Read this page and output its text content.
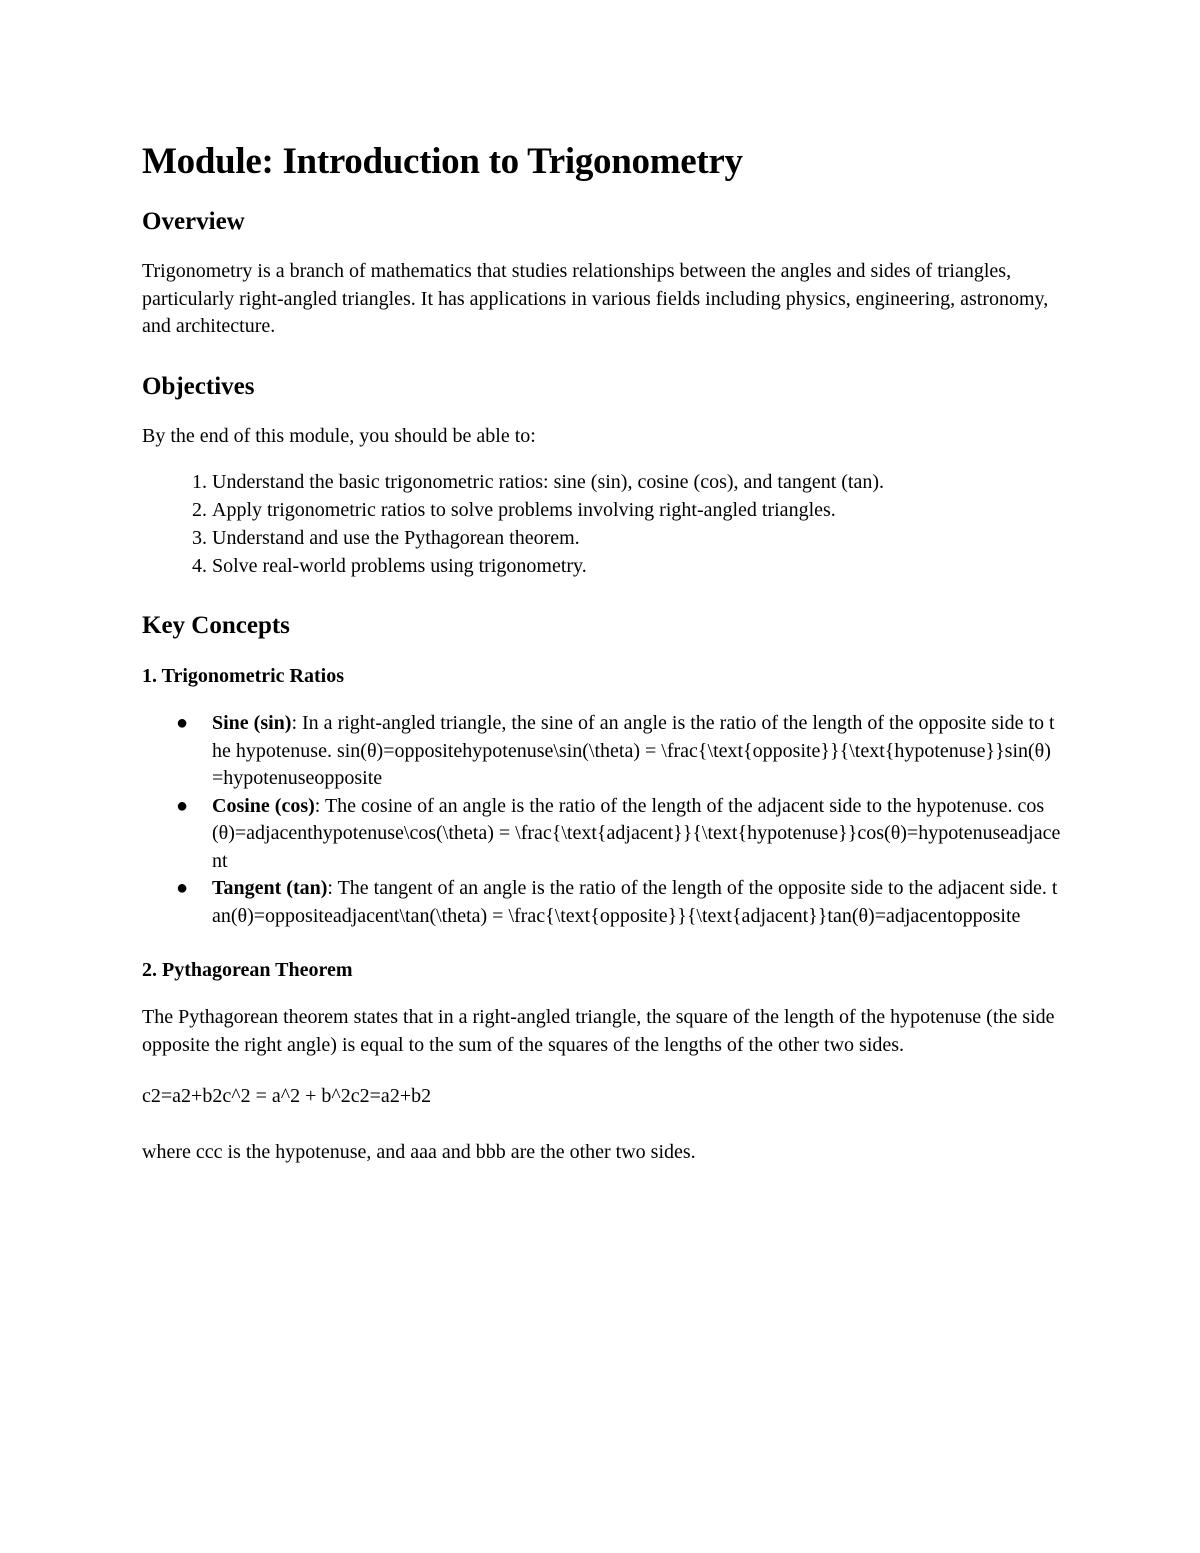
Module: Introduction to Trigonometry
Overview

Trigonometry is a branch of mathematics that studies relationships between the angles and sides of triangles, particularly right-angled triangles. It has applications in various fields including physics, engineering, astronomy, and architecture.

Objectives

By the end of this module, you should be able to:

1. Understand the basic trigonometric ratios: sine (sin), cosine (cos), and tangent (tan).
2. Apply trigonometric ratios to solve problems involving right-angled triangles.
3. Understand and use the Pythagorean theorem.
4. Solve real-world problems using trigonometry.
Key Concepts
1. Trigonometric Ratios
● Sine (sin): In a right-angled triangle, the sine of an angle is the ratio of the length of the opposite side to the hypotenuse. sin⁡(θ)=oppositehypotenuse\sin(\theta) = \frac{\text{opposite}}{\text{hypotenuse}}sin(θ)=hypotenuseopposite
● Cosine (cos): The cosine of an angle is the ratio of the length of the adjacent side to the hypotenuse. cos⁡(θ)=adjacenthypotenuse\cos(\theta) = \frac{\text{adjacent}}{\text{hypotenuse}}cos(θ)=hypotenuseadjacent
● Tangent (tan): The tangent of an angle is the ratio of the length of the opposite side to the adjacent side. tan⁡(θ)=oppositeadjacent\tan(\theta) = \frac{\text{opposite}}{\text{adjacent}}tan(θ)=adjacentopposite
2. Pythagorean Theorem

The Pythagorean theorem states that in a right-angled triangle, the square of the length of the hypotenuse (the side opposite the right angle) is equal to the sum of the squares of the lengths of the other two sides.

c2=a2+b2c^2 = a^2 + b^2c2=a2+b2

where ccc is the hypotenuse, and aaa and bbb are the other two sides.
